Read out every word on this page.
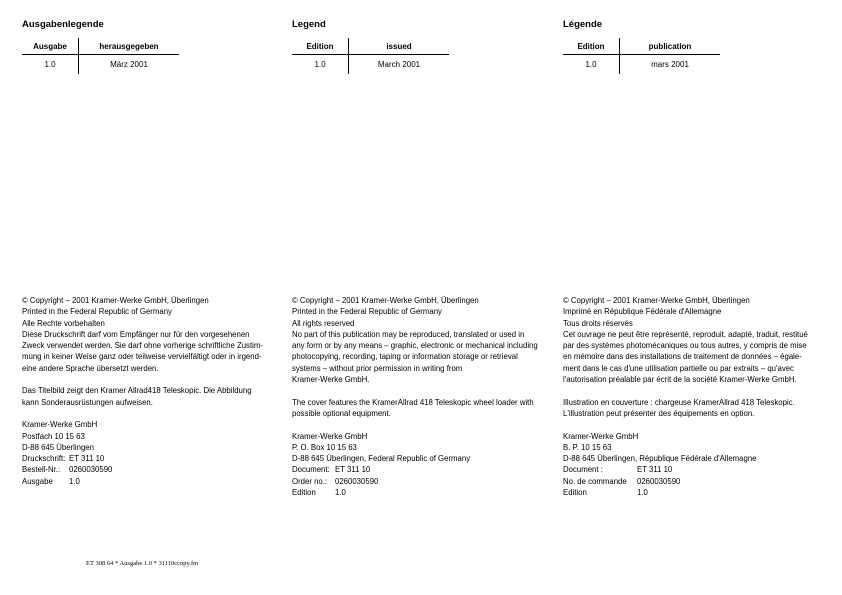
Ausgabenlegende
Ausgabe	herausgegeben
1.0	März 2001
© Copyright – 2001 Kramer-Werke GmbH, Überlingen
Printed in the Federal Republic of Germany
Alle Rechte vorbehalten
Diese Druckschrift darf vom Empfänger nur für den vorgesehenen
Zweck verwendet werden. Sie darf ohne vorherige schriftliche Zustim-
mung in keiner Weise ganz oder teilweise vervielfältigt oder in irgend-
eine andere Sprache übersetzt werden.
Das Titelbild zeigt den Kramer Allrad418 Teleskopic. Die Abbildung
kann Sonderausrüstungen aufweisen.
Kramer-Werke GmbH
Postfach 10 15 63
D-88 645 Überlingen
Druckschrift: ET 311 10
Bestell-Nr.: 0260030590
Ausgabe 1.0
Legend
Edition	issued
1.0	March 2001
© Copyright – 2001 Kramer-Werke GmbH, Überlingen
Printed in the Federal Republic of Germany
All rights reserved
No part of this publication may be reproduced, translated or used in
any form or by any means – graphic, electronic or mechanical including
photocopying, recording, taping or information storage or retrieval
systems – without prior permission in writing from
Kramer-Werke GmbH.
The cover features the KramerAllrad 418 Teleskopic wheel loader with
possible optional equipment.
Kramer-Werke GmbH
P. O. Box 10 15 63
D-88 645 Überlingen, Federal Republic of Germany
Document: ET 311 10
Order no.: 0260030590
Edition 1.0
Légende
Edition	publication
1.0	mars 2001
© Copyright – 2001 Kramer-Werke GmbH, Überlingen
Imprimé en République Fédérale d'Allemagne
Tous droits réservés
Cet ouvrage ne peut être représenté, reproduit, adapté, traduit, restitué
par des systèmes photomécaniques ou tous autres, y compris de mise
en mémoire dans des installations de traitement de données – égale-
ment dans le cas d'une utilisation partielle ou par extraits – qu'avec
l'autorisation préalable par écrit de la société Kramer-Werke GmbH.
Illustration en couverture : chargeuse KramerAllrad 418 Teleskopic.
L'illustration peut présenter des équipements en option.
Kramer-Werke GmbH
B. P. 10 15 63
D-88 645 Überlingen, République Fédérale d'Allemagne
Document :	ET 311 10
No. de commande 0260030590
Edition	1.0
ET 308 64 * Ausgabe 1.0 * 31110ccopy.fm
